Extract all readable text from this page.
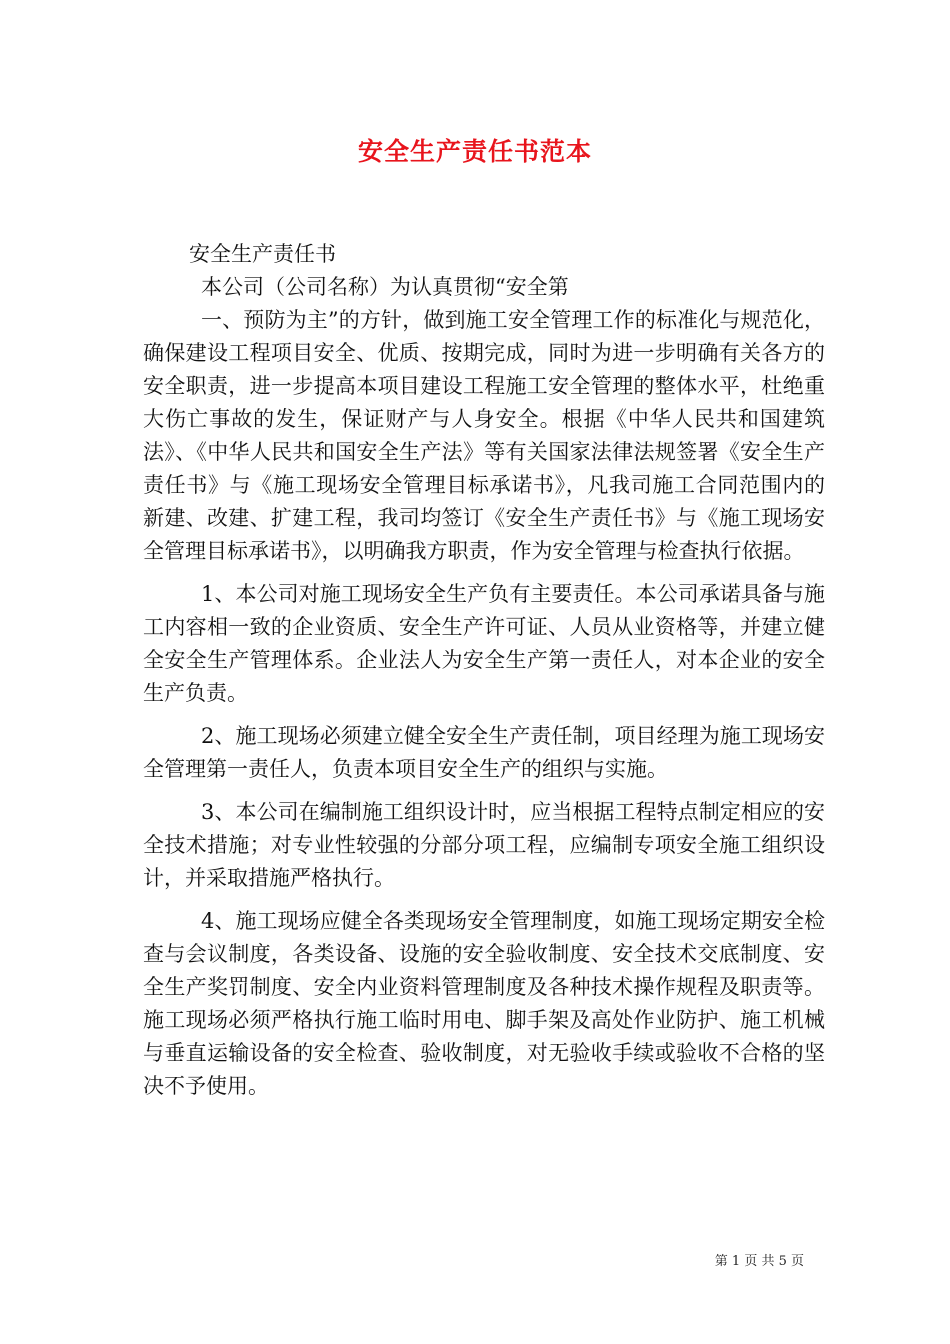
安全生产责任书范本

安全生产责任书

本公司（公司名称）为认真贯彻“安全第

一、预防为主”的方针，做到施工安全管理工作的标准化与规范化，确保建设工程项目安全、优质、按期完成，同时为进一步明确有关各方的安全职责，进一步提高本项目建设工程施工安全管理的整体水平，杜绝重大伤亡事故的发生，保证财产与人身安全。根据《中华人民共和国建筑法》、《中华人民共和国安全生产法》等有关国家法律法规签署《安全生产责任书》与《施工现场安全管理目标承诺书》，凡我司施工合同范围内的新建、改建、扩建工程，我司均签订《安全生产责任书》与《施工现场安全管理目标承诺书》，以明确我方职责，作为安全管理与检查执行依据。

1、本公司对施工现场安全生产负有主要责任。本公司承诺具备与施工内容相一致的企业资质、安全生产许可证、人员从业资格等，并建立健全安全生产管理体系。企业法人为安全生产第一责任人，对本企业的安全生产负责。

2、施工现场必须建立健全安全生产责任制，项目经理为施工现场安全管理第一责任人，负责本项目安全生产的组织与实施。

3、本公司在编制施工组织设计时，应当根据工程特点制定相应的安全技术措施；对专业性较强的分部分项工程，应编制专项安全施工组织设计，并采取措施严格执行。

4、施工现场应健全各类现场安全管理制度，如施工现场定期安全检查与会议制度，各类设备、设施的安全验收制度、安全技术交底制度、安全生产奖罚制度、安全内业资料管理制度及各种技术操作规程及职责等。施工现场必须严格执行施工临时用电、脚手架及高处作业防护、施工机械与垂直运输设备的安全检查、验收制度，对无验收手续或验收不合格的坚决不予使用。

第 1 页 共 5 页
